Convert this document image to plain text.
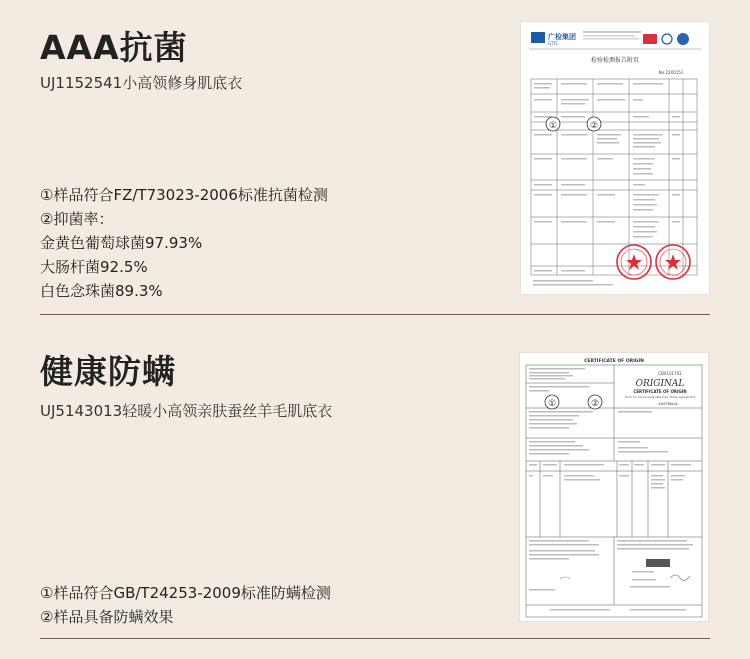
AAA抗菌
UJ1152541小高领修身肌底衣
①样品符合FZ/T73023-2006标准抗菌检测
②抑菌率：
金黄色葡萄球菌97.93%
大肠杆菌92.5%
白色念珠菌89.3%
广检集团
GTTC
检验检测报告附页
No.22X0151
①	②
健康防螨
UJ5143013轻暖小高领亲肤蚕丝羊毛肌底衣
①样品符合GB/T24253-2009标准防螨检测
②样品具备防螨效果
CERTIFICATE OF ORIGIN
CB0101701
ORIGINAL
CERTIFICATE OF ORIGIN
Form for China-Australia Free Trade Agreement
AUSTRALIA
①	②
